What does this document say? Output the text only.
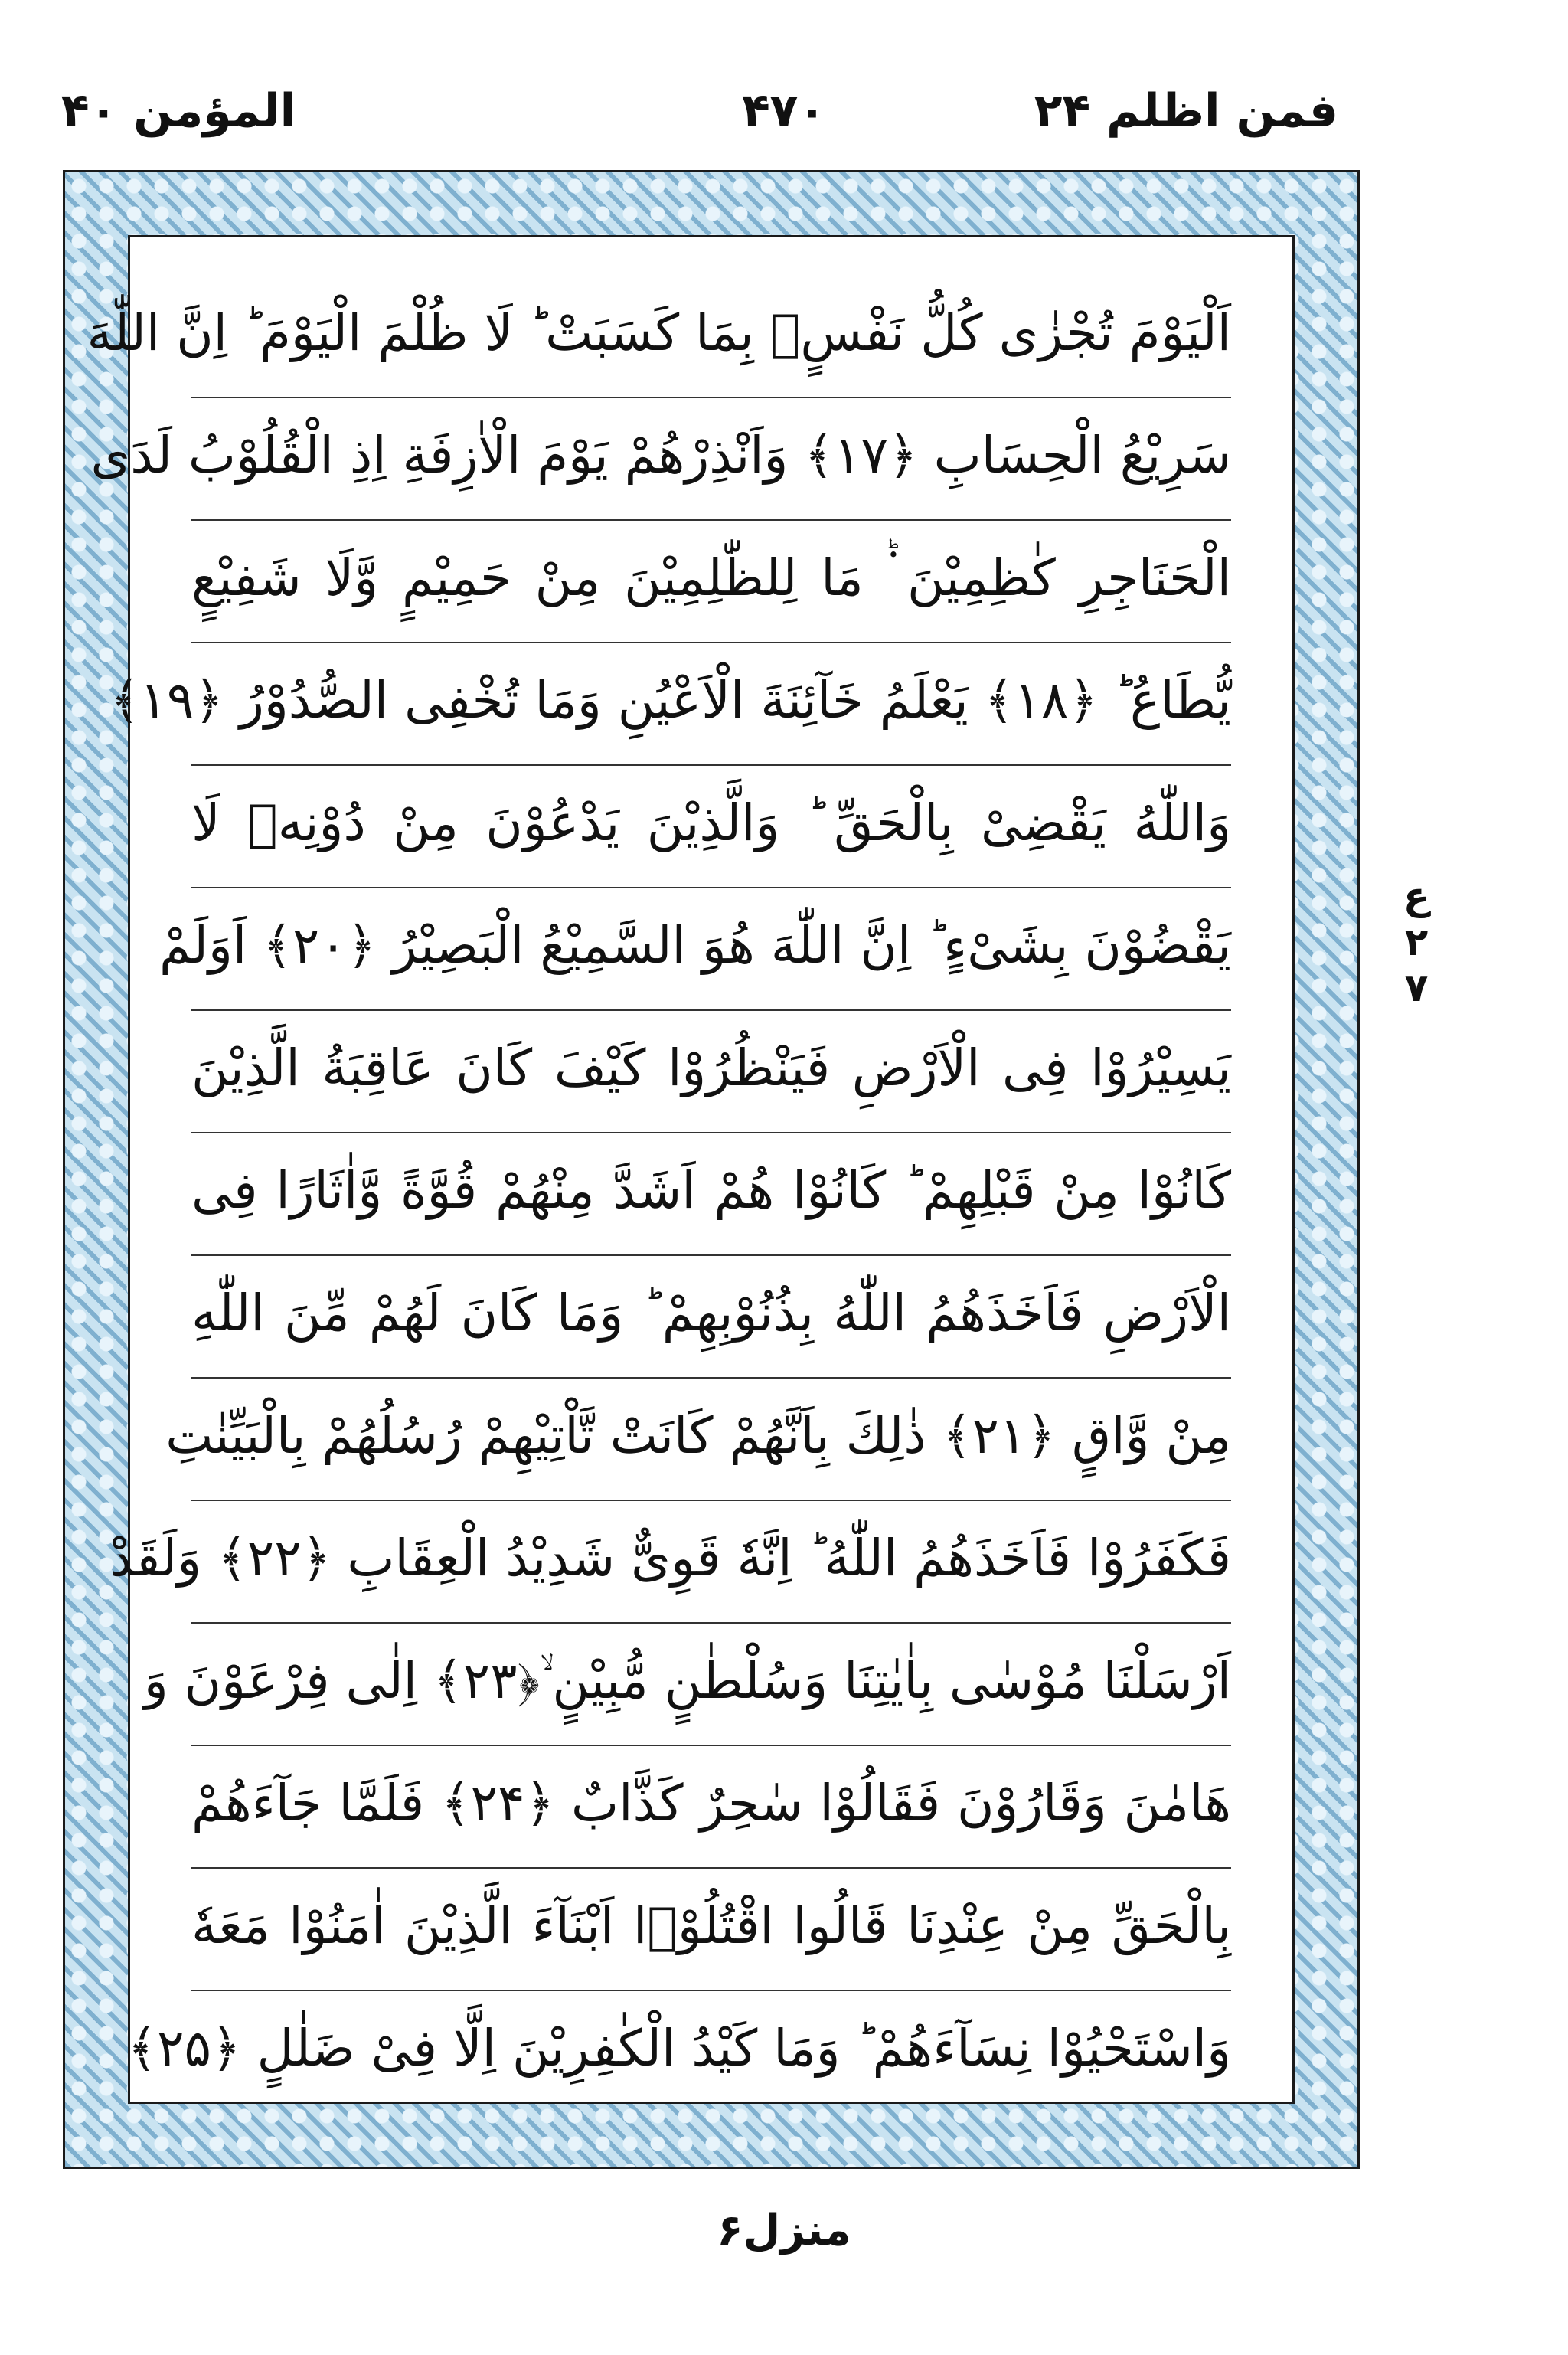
المؤمن ۴۰	۴۷۰	فمن اظلم ۲۴
اَلْيَوْمَ تُجْزٰى كُلُّ نَفْسٍۢ بِمَا كَسَبَتْ ؕ لَا ظُلْمَ الْيَوْمَ ؕ اِنَّ اللّٰهَ
سَرِيْعُ الْحِسَابِ ﴿۱۷﴾ وَاَنْذِرْهُمْ يَوْمَ الْاٰزِفَةِ اِذِ الْقُلُوْبُ لَدَى
الْحَنَاجِرِ كٰظِمِيْنَ ۬ؕ مَا لِلظّٰلِمِيْنَ مِنْ حَمِيْمٍ وَّلَا شَفِيْعٍ
يُّطَاعُ ؕ ﴿۱۸﴾ يَعْلَمُ خَآئِنَةَ الْاَعْيُنِ وَمَا تُخْفِى الصُّدُوْرُ ﴿۱۹﴾
وَاللّٰهُ يَقْضِىْ بِالْحَقِّ ؕ وَالَّذِيْنَ يَدْعُوْنَ مِنْ دُوْنِهٖ لَا
يَقْضُوْنَ بِشَىْءٍ ؕ اِنَّ اللّٰهَ هُوَ السَّمِيْعُ الْبَصِيْرُ ﴿۲۰﴾ اَوَلَمْ
يَسِيْرُوْا فِى الْاَرْضِ فَيَنْظُرُوْا كَيْفَ كَانَ عَاقِبَةُ الَّذِيْنَ
كَانُوْا مِنْ قَبْلِهِمْ ؕ كَانُوْا هُمْ اَشَدَّ مِنْهُمْ قُوَّةً وَّاٰثَارًا فِى
الْاَرْضِ فَاَخَذَهُمُ اللّٰهُ بِذُنُوْبِهِمْ ؕ وَمَا كَانَ لَهُمْ مِّنَ اللّٰهِ
مِنْ وَّاقٍ ﴿۲۱﴾ ذٰلِكَ بِاَنَّهُمْ كَانَتْ تَّاْتِيْهِمْ رُسُلُهُمْ بِالْبَيِّنٰتِ
فَكَفَرُوْا فَاَخَذَهُمُ اللّٰهُ ؕ اِنَّهٗ قَوِىٌّ شَدِيْدُ الْعِقَابِ ﴿۲۲﴾ وَلَقَدْ
اَرْسَلْنَا مُوْسٰى بِاٰيٰتِنَا وَسُلْطٰنٍ مُّبِيْنٍ ۙ﴿۲۳﴾ اِلٰى فِرْعَوْنَ وَ
هَامٰنَ وَقَارُوْنَ فَقَالُوْا سٰحِرٌ كَذَّابٌ ﴿۲۴﴾ فَلَمَّا جَآءَهُمْ
بِالْحَقِّ مِنْ عِنْدِنَا قَالُوا اقْتُلُوْۤا اَبْنَآءَ الَّذِيْنَ اٰمَنُوْا مَعَهٗ
وَاسْتَحْيُوْا نِسَآءَهُمْ ؕ وَمَا كَيْدُ الْكٰفِرِيْنَ اِلَّا فِىْ ضَلٰلٍ ﴿۲۵﴾
ع
۲
۷
منزل۶
